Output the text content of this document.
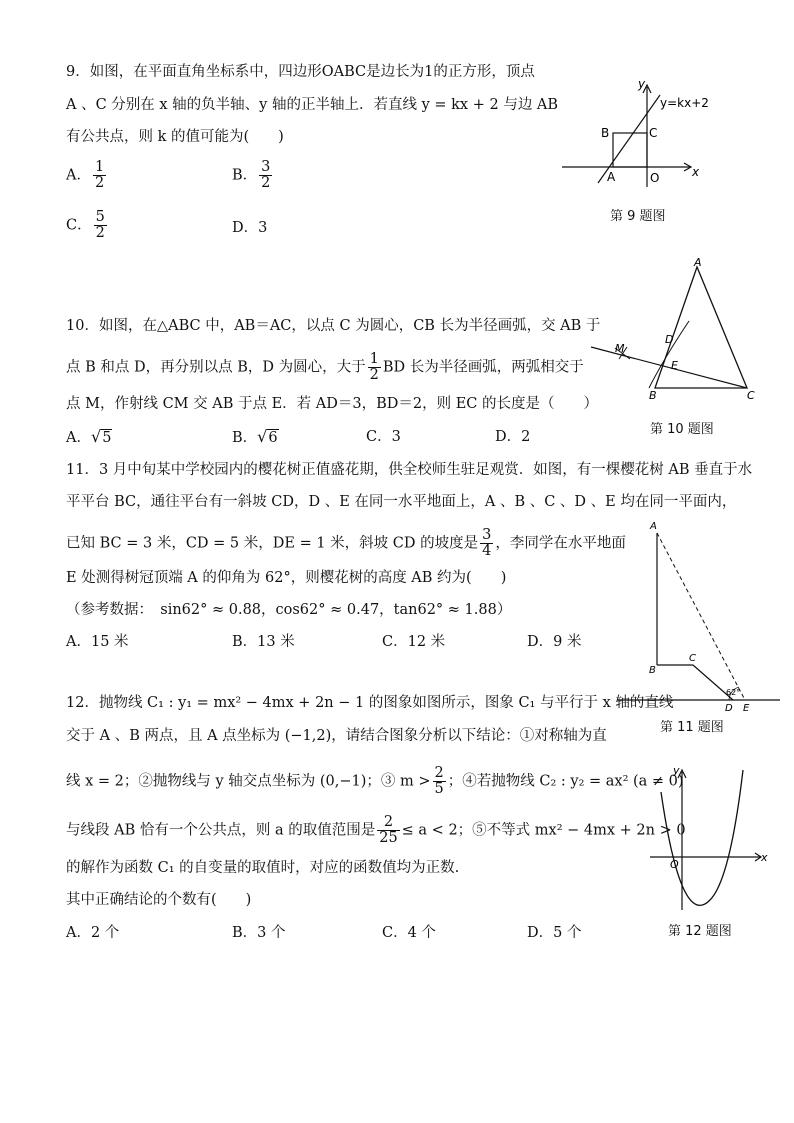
9．如图，在平面直角坐标系中，四边形OABC是边长为1的正方形，顶点
A 、C 分别在 x 轴的负半轴、y 轴的正半轴上．若直线 y = kx + 2 与边 AB
有公共点，则 k 的值可能为(　　)
A． $\frac{1}{2}$	B． $\frac{3}{2}$
C． $\frac{5}{2}$	D．3
y=kx+2
y
x
B	C
A	O
第 9 题图
10．如图，在△ABC 中，AB＝AC，以点 C 为圆心，CB 长为半径画弧，交 AB 于
点 B 和点 D，再分别以点 B，D 为圆心，大于 $\frac{1}{2}$ BD 长为半径画弧，两弧相交于
点 M，作射线 CM 交 AB 于点 E．若 AD＝3，BD＝2，则 EC 的长度是（　　）
A．√5	B．√6	C．3	D．2
A
D
M
E
B	C
第 10 题图
11．3 月中旬某中学校园内的樱花树正值盛花期，供全校师生驻足观赏．如图，有一棵樱花树 AB 垂直于水
平平台 BC，通往平台有一斜坡 CD，D 、E 在同一水平地面上，A 、B 、C 、D 、E 均在同一平面内，
已知 BC = 3 米，CD = 5 米，DE = 1 米，斜坡 CD 的坡度是 $\frac{3}{4}$ ，李同学在水平地面
E 处测得树冠顶端 A 的仰角为 62°，则樱花树的高度 AB 约为(　　)
（参考数据：　sin62° ≈ 0.88，cos62° ≈ 0.47，tan62° ≈ 1.88）
A．15 米	B．13 米	C．12 米	D．9 米
A
B
C
D E
62°
第 11 题图
12．抛物线 C₁ : y₁ = mx² − 4mx + 2n − 1 的图象如图所示，图象 C₁ 与平行于 x 轴的直线
交于 A 、B 两点，且 A 点坐标为 (−1,2)，请结合图象分析以下结论：①对称轴为直
线 x = 2；②抛物线与 y 轴交点坐标为 (0,−1)；③ $m > \frac{2}{5}$ ；④若抛物线 C₂ : y₂ = ax² (a ≠ 0)
与线段 AB 恰有一个公共点，则 a 的取值范围是 $\frac{2}{25} \le a < 2$；⑤不等式 mx² − 4mx + 2n > 0
的解作为函数 C₁ 的自变量的取值时，对应的函数值均为正数.
其中正确结论的个数有(　　)
A．2 个	B．3 个	C．4 个	D．5 个
y
x
O
第 12 题图
